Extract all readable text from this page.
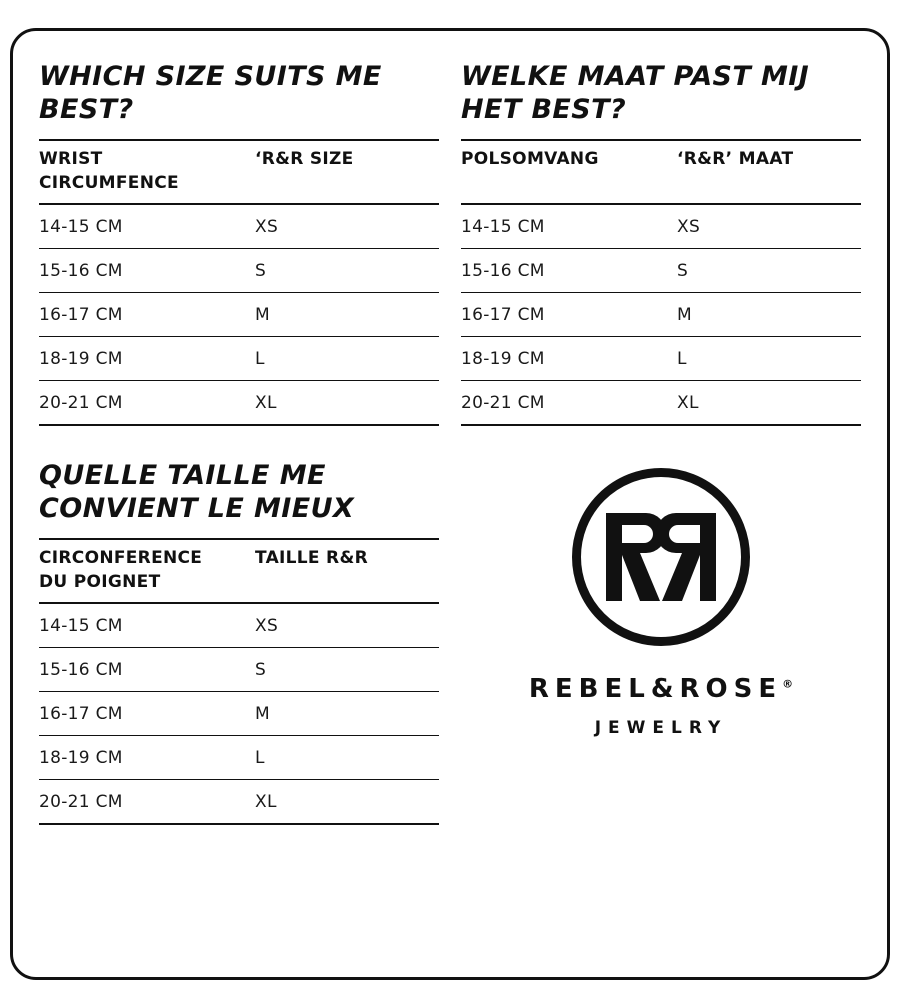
WHICH SIZE SUITS ME BEST?
WRIST
CIRCUMFENCE	‘R&R SIZE
14-15 CM	XS
15-16 CM	S
16-17 CM	M
18-19 CM	L
20-21 CM	XL
WELKE MAAT PAST MIJ HET BEST?
POLSOMVANG	‘R&R’ MAAT
14-15 CM	XS
15-16 CM	S
16-17 CM	M
18-19 CM	L
20-21 CM	XL
QUELLE TAILLE ME CONVIENT LE MIEUX
CIRCONFERENCE
DU POIGNET	TAILLE R&R
14-15 CM	XS
15-16 CM	S
16-17 CM	M
18-19 CM	L
20-21 CM	XL
REBEL&ROSE®
JEWELRY
